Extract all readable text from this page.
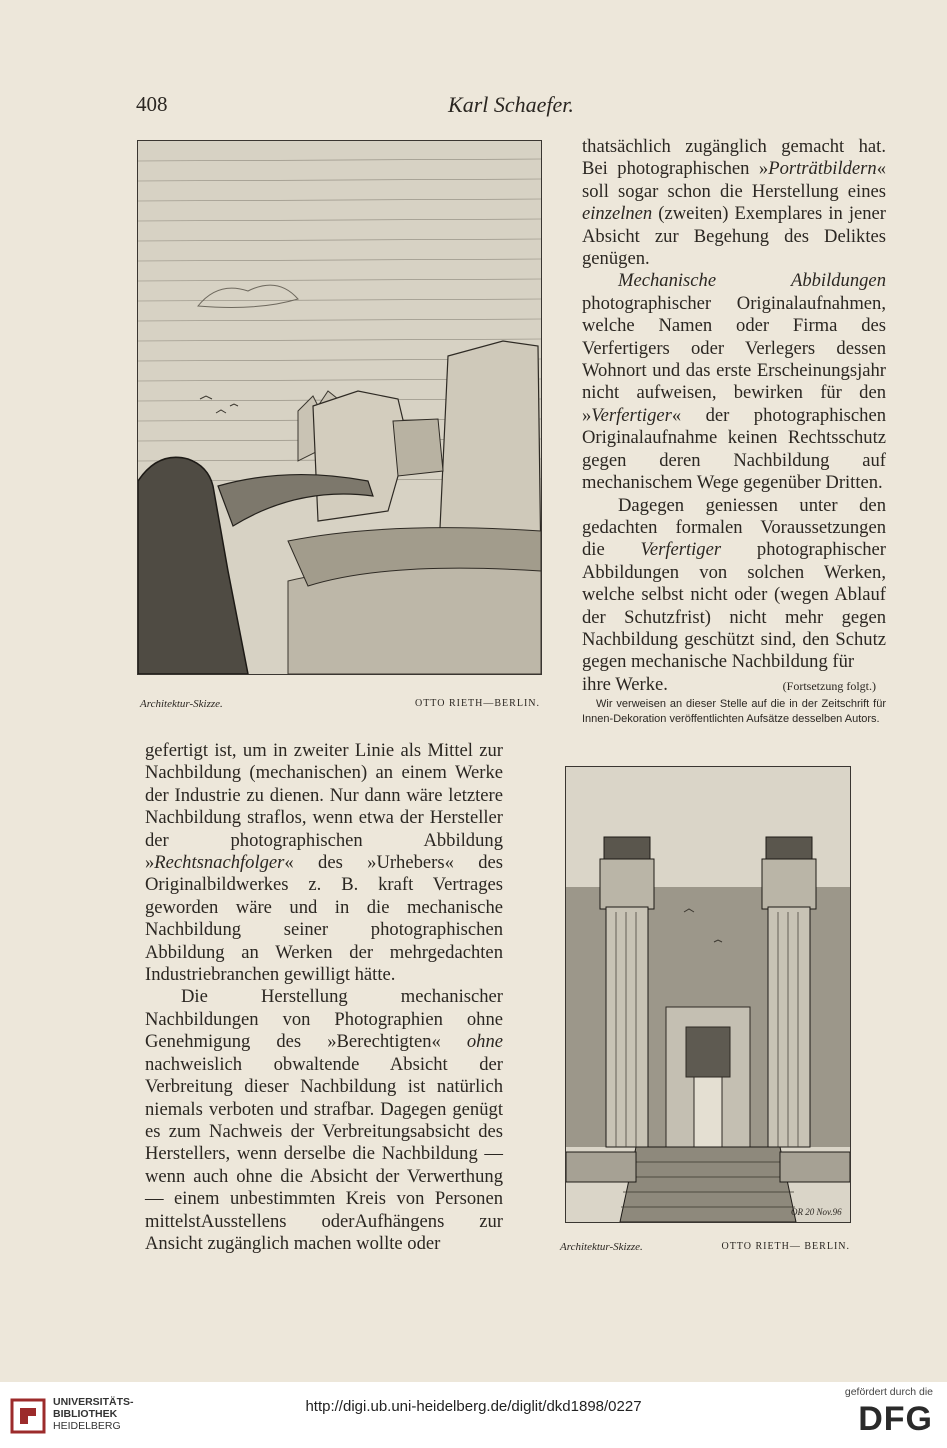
408	Karl Schaefer.
Architektur-Skizze.	OTTO RIETH—BERLIN.

thatsächlich zugänglich gemacht hat. Bei photographischen »Porträtbildern« soll sogar schon die Herstellung eines einzelnen (zweiten) Exemplares in jener Absicht zur Begehung des Deliktes genügen.

Mechanische Abbildungen photographischer Originalaufnahmen, welche Namen oder Firma des Verfertigers oder Verlegers dessen Wohnort und das erste Erscheinungsjahr nicht aufweisen, bewirken für den »Verfertiger« der photographischen Originalaufnahme keinen Rechtsschutz gegen deren Nachbildung auf mechanischem Wege gegenüber Dritten.

Dagegen geniessen unter den gedachten formalen Voraussetzungen die Verfertiger photographischer Abbildungen von solchen Werken, welche selbst nicht oder (wegen Ablauf der Schutzfrist) nicht mehr gegen Nachbildung geschützt sind, den Schutz gegen mechanische Nachbildung für

ihre Werke.	(Fortsetzung folgt.)
Wir verweisen an dieser Stelle auf die in der Zeitschrift für Innen-Dekoration veröffentlichten Aufsätze desselben Autors.
OR 20 Nov.96
Architektur-Skizze.	OTTO RIETH— BERLIN.

gefertigt ist, um in zweiter Linie als Mittel zur Nachbildung (mechanischen) an einem Werke der Industrie zu dienen. Nur dann wäre letztere Nachbildung straflos, wenn etwa der Hersteller der photographischen Abbildung »Rechtsnachfolger« des »Urhebers« des Originalbildwerkes z. B. kraft Vertrages geworden wäre und in die mechanische Nachbildung seiner photographischen Abbildung an Werken der mehrgedachten Industriebranchen gewilligt hätte.

Die Herstellung mechanischer Nachbildungen von Photographien ohne Genehmigung des »Berechtigten« ohne nachweislich obwaltende Absicht der Verbreitung dieser Nachbildung ist natürlich niemals verboten und strafbar. Dagegen genügt es zum Nachweis der Verbreitungsabsicht des Herstellers, wenn derselbe die Nachbildung — wenn auch ohne die Absicht der Verwerthung — einem unbestimmten Kreis von Personen mittelstAusstellens oderAufhängens zur Ansicht zugänglich machen wollte oder

UNIVERSITÄTS-
BIBLIOTHEK
HEIDELBERG
http://digi.ub.uni-heidelberg.de/diglit/dkd1898/0227
gefördert durch die
DFG
